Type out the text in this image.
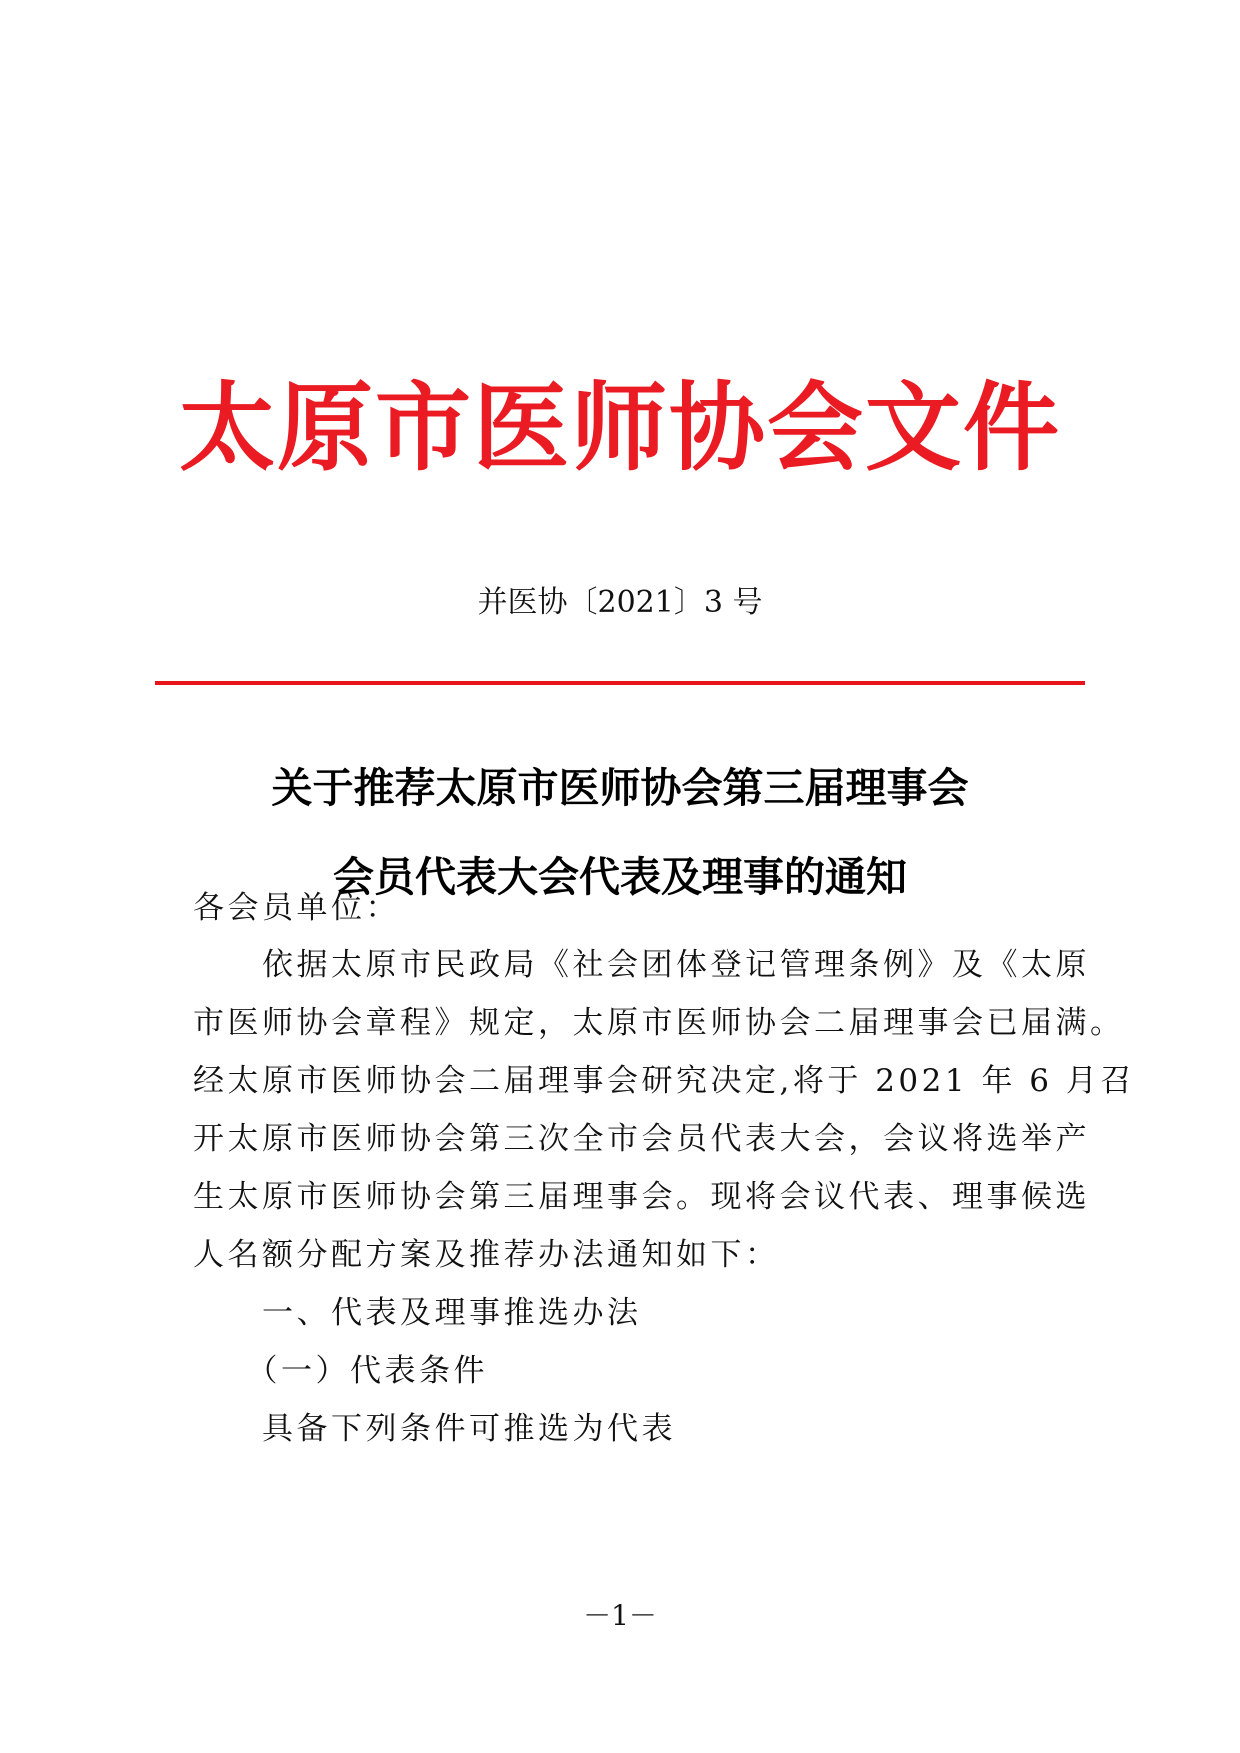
太原市医师协会文件
并医协〔2021〕3 号
关于推荐太原市医师协会第三届理事会
会员代表大会代表及理事的通知
各会员单位：
　　依据太原市民政局《社会团体登记管理条例》及《太原
市医师协会章程》规定，太原市医师协会二届理事会已届满。
经太原市医师协会二届理事会研究决定,将于 2021 年 6 月召
开太原市医师协会第三次全市会员代表大会，会议将选举产
生太原市医师协会第三届理事会。现将会议代表、理事候选
人名额分配方案及推荐办法通知如下：
　　一、代表及理事推选办法
　　（一）代表条件
　　具备下列条件可推选为代表
－1－
